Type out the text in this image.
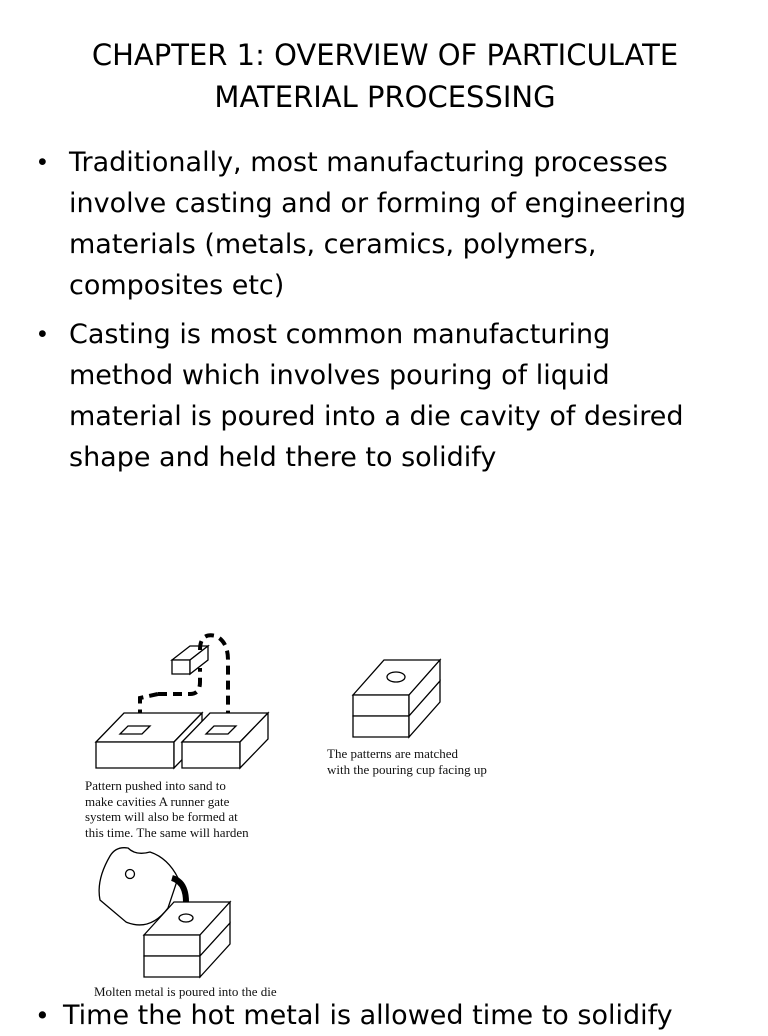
CHAPTER 1: OVERVIEW OF PARTICULATE
MATERIAL PROCESSING
• Traditionally, most manufacturing processes
involve casting and or forming of engineering
materials (metals, ceramics, polymers,
composites etc)
• Casting is most common manufacturing
method which involves pouring of liquid
material is poured into a die cavity of desired
shape and held there to solidify
Pattern pushed into sand to
make cavities A runner gate
system will also be formed at
this time. The same will harden
The patterns are matched
with the pouring cup facing up
Molten metal is poured into the die
• Time the hot metal is allowed time to solidify
